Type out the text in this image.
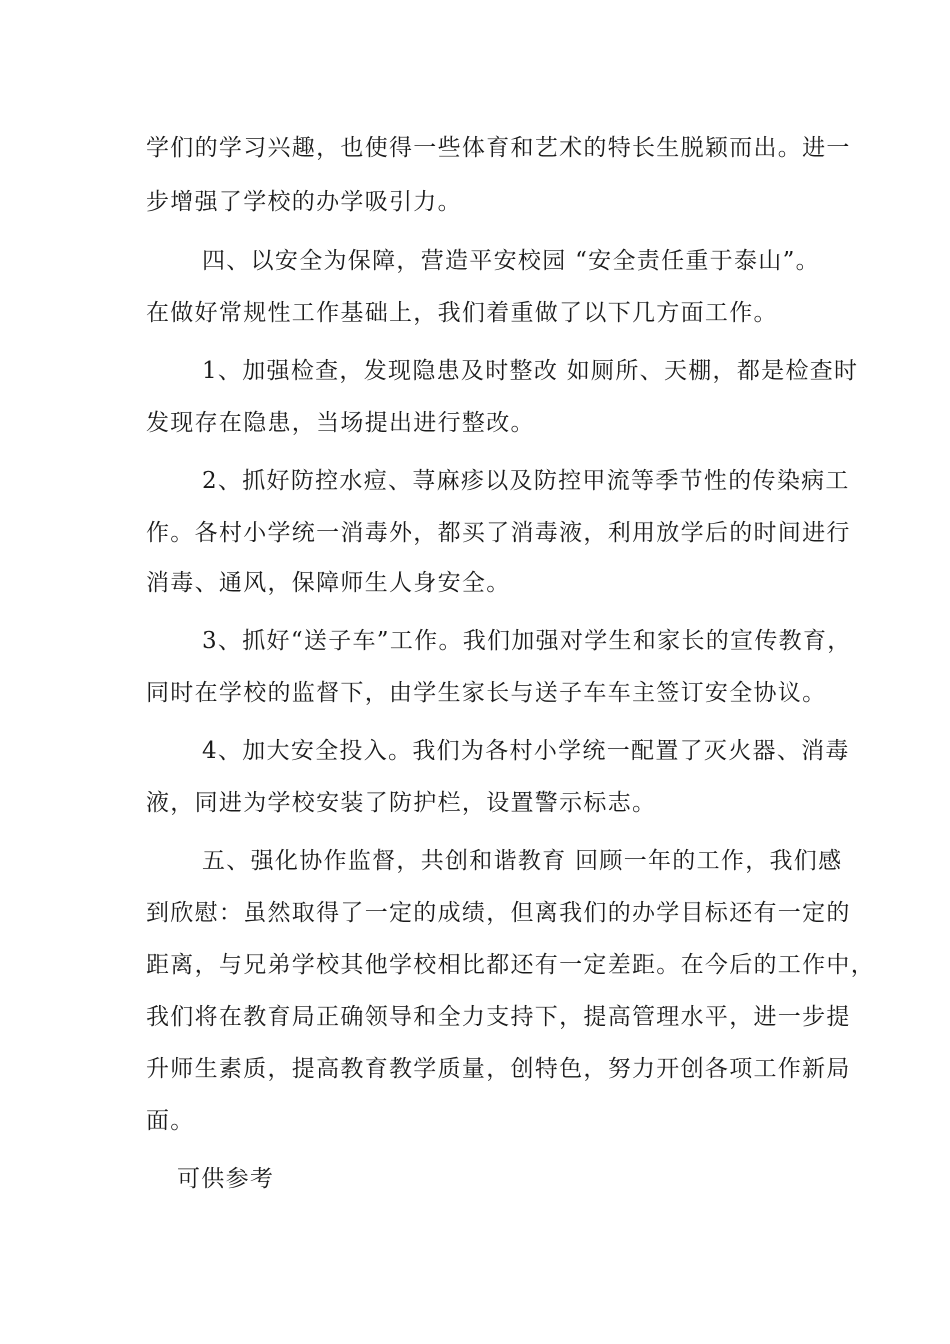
学们的学习兴趣，也使得一些体育和艺术的特长生脱颖而出。进一
步增强了学校的办学吸引力。
四、以安全为保障，营造平安校园 “安全责任重于泰山”。
在做好常规性工作基础上，我们着重做了以下几方面工作。
1、加强检查，发现隐患及时整改 如厕所、天棚，都是检查时
发现存在隐患，当场提出进行整改。
2、抓好防控水痘、荨麻疹以及防控甲流等季节性的传染病工
作。各村小学统一消毒外，都买了消毒液，利用放学后的时间进行
消毒、通风，保障师生人身安全。
3、抓好“送子车”工作。我们加强对学生和家长的宣传教育，
同时在学校的监督下，由学生家长与送子车车主签订安全协议。
4、加大安全投入。我们为各村小学统一配置了灭火器、消毒
液，同进为学校安装了防护栏，设置警示标志。
五、强化协作监督，共创和谐教育 回顾一年的工作，我们感
到欣慰：虽然取得了一定的成绩，但离我们的办学目标还有一定的
距离，与兄弟学校其他学校相比都还有一定差距。在今后的工作中，
我们将在教育局正确领导和全力支持下，提高管理水平，进一步提
升师生素质，提高教育教学质量，创特色，努力开创各项工作新局
面。
可供参考
